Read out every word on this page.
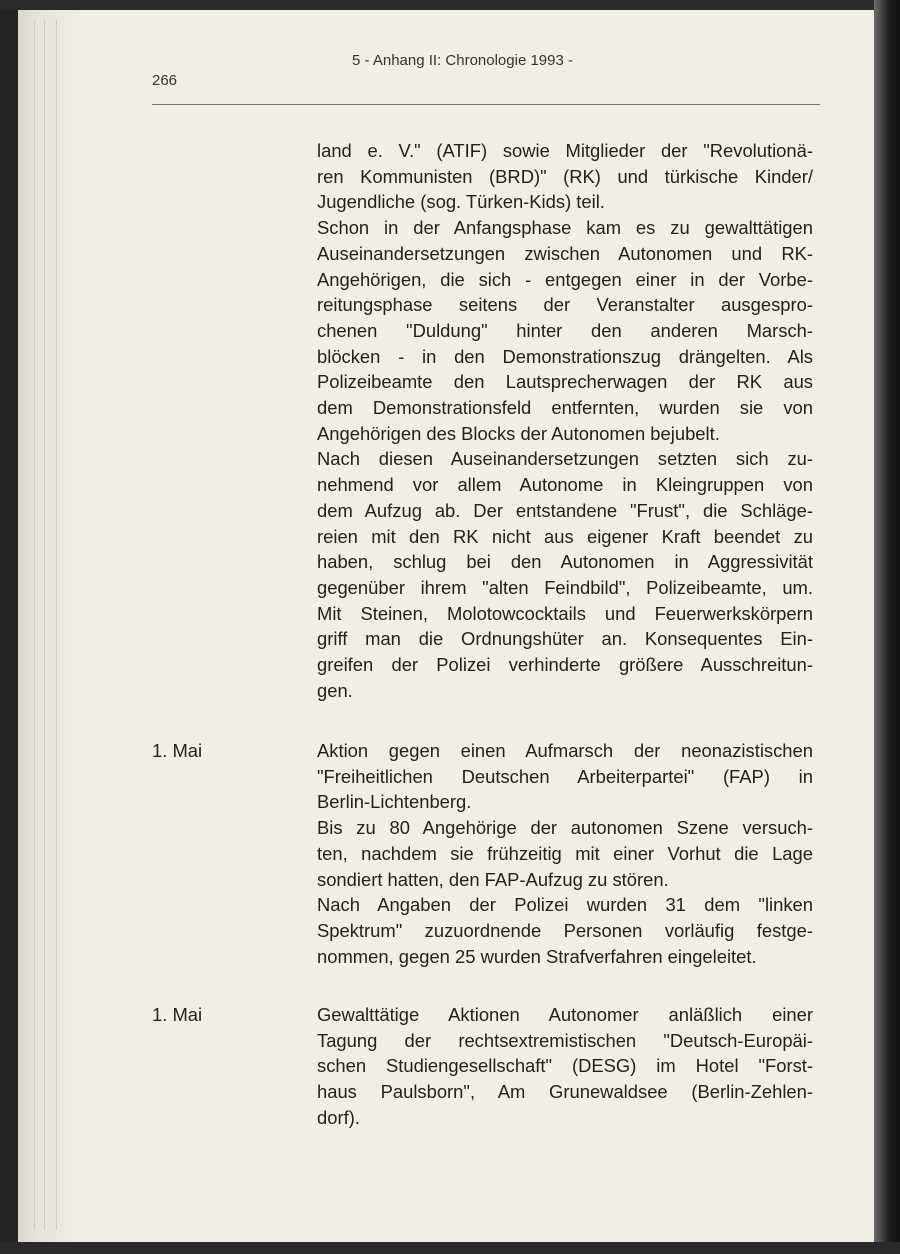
5 - Anhang II: Chronologie 1993 -
266
land e. V." (ATIF) sowie Mitglieder der "Revolutionä-
ren Kommunisten (BRD)" (RK) und türkische Kinder/
Jugendliche (sog. Türken-Kids) teil.
Schon in der Anfangsphase kam es zu gewalttätigen
Auseinandersetzungen zwischen Autonomen und RK-
Angehörigen, die sich - entgegen einer in der Vorbe-
reitungsphase seitens der Veranstalter ausgespro-
chenen "Duldung" hinter den anderen Marsch-
blöcken - in den Demonstrationszug drängelten. Als
Polizeibeamte den Lautsprecherwagen der RK aus
dem Demonstrationsfeld entfernten, wurden sie von
Angehörigen des Blocks der Autonomen bejubelt.
Nach diesen Auseinandersetzungen setzten sich zu-
nehmend vor allem Autonome in Kleingruppen von
dem Aufzug ab. Der entstandene "Frust", die Schläge-
reien mit den RK nicht aus eigener Kraft beendet zu
haben, schlug bei den Autonomen in Aggressivität
gegenüber ihrem "alten Feindbild", Polizeibeamte, um.
Mit Steinen, Molotowcocktails und Feuerwerkskörpern
griff man die Ordnungshüter an. Konsequentes Ein-
greifen der Polizei verhinderte größere Ausschreitun-
gen.
1. Mai	Aktion gegen einen Aufmarsch der neonazistischen
"Freiheitlichen Deutschen Arbeiterpartei" (FAP) in
Berlin-Lichtenberg.
Bis zu 80 Angehörige der autonomen Szene versuch-
ten, nachdem sie frühzeitig mit einer Vorhut die Lage
sondiert hatten, den FAP-Aufzug zu stören.
Nach Angaben der Polizei wurden 31 dem "linken
Spektrum" zuzuordnende Personen vorläufig festge-
nommen, gegen 25 wurden Strafverfahren eingeleitet.
1. Mai	Gewalttätige Aktionen Autonomer anläßlich einer
Tagung der rechtsextremistischen "Deutsch-Europäi-
schen Studiengesellschaft" (DESG) im Hotel "Forst-
haus Paulsborn", Am Grunewaldsee (Berlin-Zehlen-
dorf).
